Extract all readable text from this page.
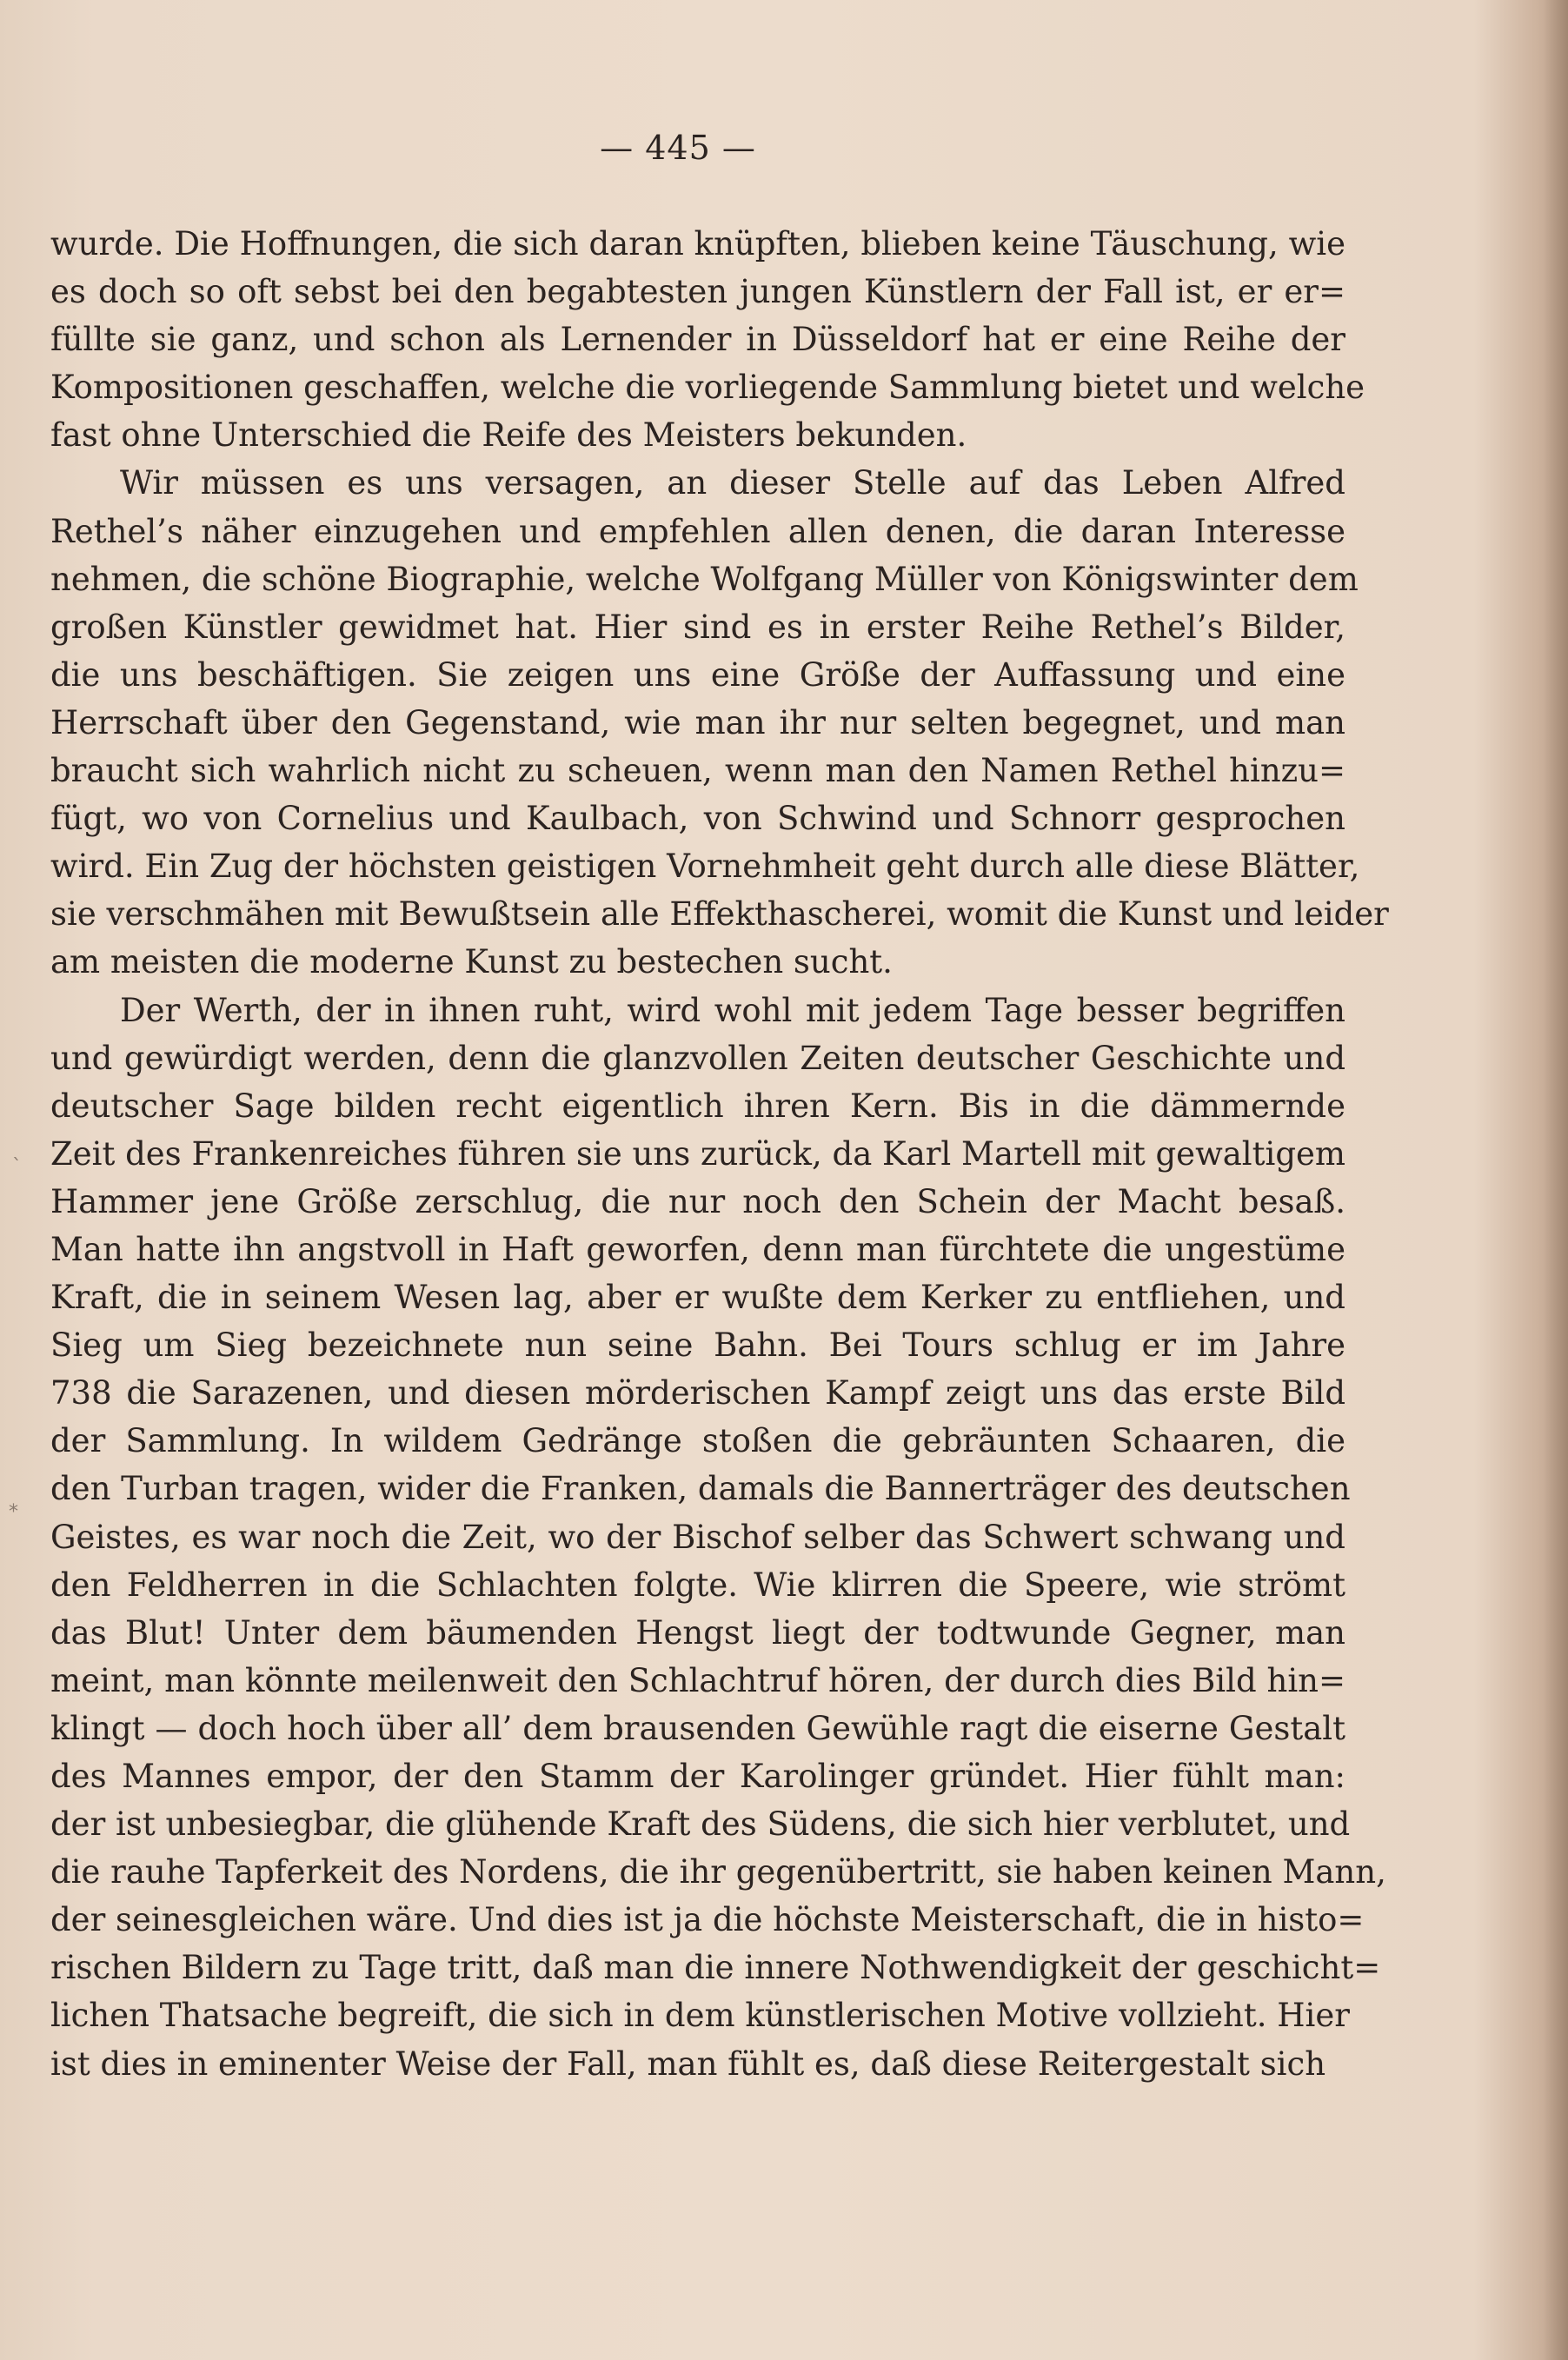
— 445 —
wurde. Die Hoffnungen, die sich daran knüpften, blieben keine Täuschung, wie
es doch so oft sebst bei den begabtesten jungen Künstlern der Fall ist, er er=
füllte sie ganz, und schon als Lernender in Düsseldorf hat er eine Reihe der
Kompositionen geschaffen, welche die vorliegende Sammlung bietet und welche
fast ohne Unterschied die Reife des Meisters bekunden.
Wir müssen es uns versagen, an dieser Stelle auf das Leben Alfred
Rethel’s näher einzugehen und empfehlen allen denen, die daran Interesse
nehmen, die schöne Biographie, welche Wolfgang Müller von Königswinter dem
großen Künstler gewidmet hat. Hier sind es in erster Reihe Rethel’s Bilder,
die uns beschäftigen. Sie zeigen uns eine Größe der Auffassung und eine
Herrschaft über den Gegenstand, wie man ihr nur selten begegnet, und man
braucht sich wahrlich nicht zu scheuen, wenn man den Namen Rethel hinzu=
fügt, wo von Cornelius und Kaulbach, von Schwind und Schnorr gesprochen
wird. Ein Zug der höchsten geistigen Vornehmheit geht durch alle diese Blätter,
sie verschmähen mit Bewußtsein alle Effekthascherei, womit die Kunst und leider
am meisten die moderne Kunst zu bestechen sucht.
Der Werth, der in ihnen ruht, wird wohl mit jedem Tage besser begriffen
und gewürdigt werden, denn die glanzvollen Zeiten deutscher Geschichte und
deutscher Sage bilden recht eigentlich ihren Kern. Bis in die dämmernde
Zeit des Frankenreiches führen sie uns zurück, da Karl Martell mit gewaltigem
Hammer jene Größe zerschlug, die nur noch den Schein der Macht besaß.
Man hatte ihn angstvoll in Haft geworfen, denn man fürchtete die ungestüme
Kraft, die in seinem Wesen lag, aber er wußte dem Kerker zu entfliehen, und
Sieg um Sieg bezeichnete nun seine Bahn. Bei Tours schlug er im Jahre
738 die Sarazenen, und diesen mörderischen Kampf zeigt uns das erste Bild
der Sammlung. In wildem Gedränge stoßen die gebräunten Schaaren, die
den Turban tragen, wider die Franken, damals die Bannerträger des deutschen
Geistes, es war noch die Zeit, wo der Bischof selber das Schwert schwang und
den Feldherren in die Schlachten folgte. Wie klirren die Speere, wie strömt
das Blut! Unter dem bäumenden Hengst liegt der todtwunde Gegner, man
meint, man könnte meilenweit den Schlachtruf hören, der durch dies Bild hin=
klingt — doch hoch über all’ dem brausenden Gewühle ragt die eiserne Gestalt
des Mannes empor, der den Stamm der Karolinger gründet. Hier fühlt man:
der ist unbesiegbar, die glühende Kraft des Südens, die sich hier verblutet, und
die rauhe Tapferkeit des Nordens, die ihr gegenübertritt, sie haben keinen Mann,
der seinesgleichen wäre. Und dies ist ja die höchste Meisterschaft, die in histo=
rischen Bildern zu Tage tritt, daß man die innere Nothwendigkeit der geschicht=
lichen Thatsache begreift, die sich in dem künstlerischen Motive vollzieht. Hier
ist dies in eminenter Weise der Fall, man fühlt es, daß diese Reitergestalt sich
`
*
